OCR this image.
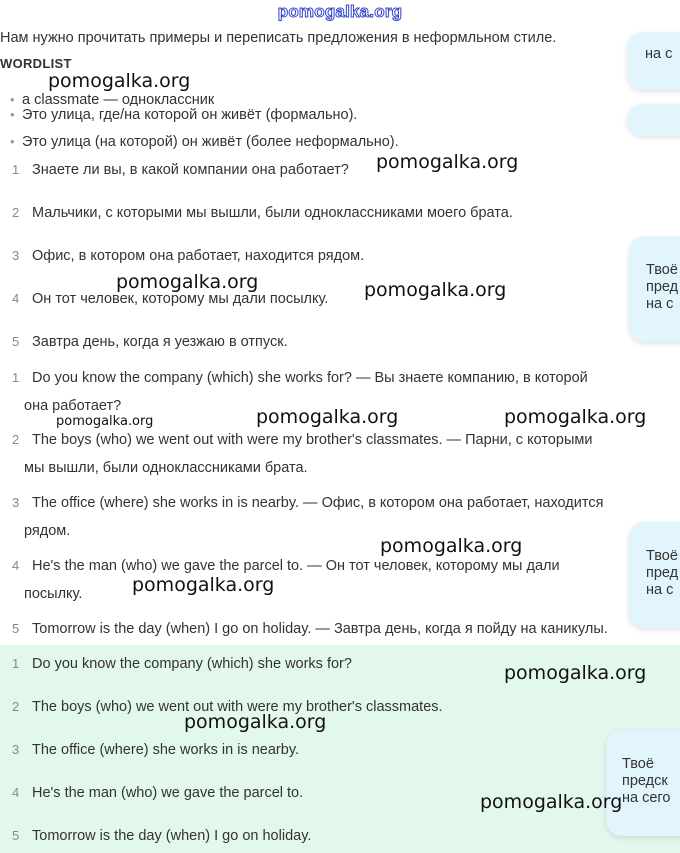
pomogalka.org
Нам нужно прочитать примеры и переписать предложения в неформльном стиле.
WORDLIST
• a classmate — одноклассник
• Это улица, где/на которой он живёт (формально).
• Это улица (на которой) он живёт (более неформально).
1 Знаете ли вы, в какой компании она работает?
2 Мальчики, с которыми мы вышли, были одноклассниками моего брата.
3 Офис, в котором она работает, находится рядом.
4 Он тот человек, которому мы дали посылку.
5 Завтра день, когда я уезжаю в отпуск.
1 Do you know the company (which) she works for? — Вы знаете компанию, в которой
она работает?
2 The boys (who) we went out with were my brother's classmates. — Парни, с которыми
мы вышли, были одноклассниками брата.
3 The office (where) she works in is nearby. — Офис, в котором она работает, находится
рядом.
4 He's the man (who) we gave the parcel to. — Он тот человек, которому мы дали
посылку.
5 Tomorrow is the day (when) I go on holiday. — Завтра день, когда я пойду на каникулы.
1 Do you know the company (which) she works for?
2 The boys (who) we went out with were my brother's classmates.
3 The office (where) she works in is nearby.
4 He's the man (who) we gave the parcel to.
5 Tomorrow is the day (when) I go on holiday.
на с
Твоё
пред
на с
Твоё
пред
на с
Твоё
предск
на сего
pomogalka.org
pomogalka.org
pomogalka.org	pomogalka.org
pomogalka.org	pomogalka.org	pomogalka.org
pomogalka.org
pomogalka.org
pomogalka.org
pomogalka.org
pomogalka.org
